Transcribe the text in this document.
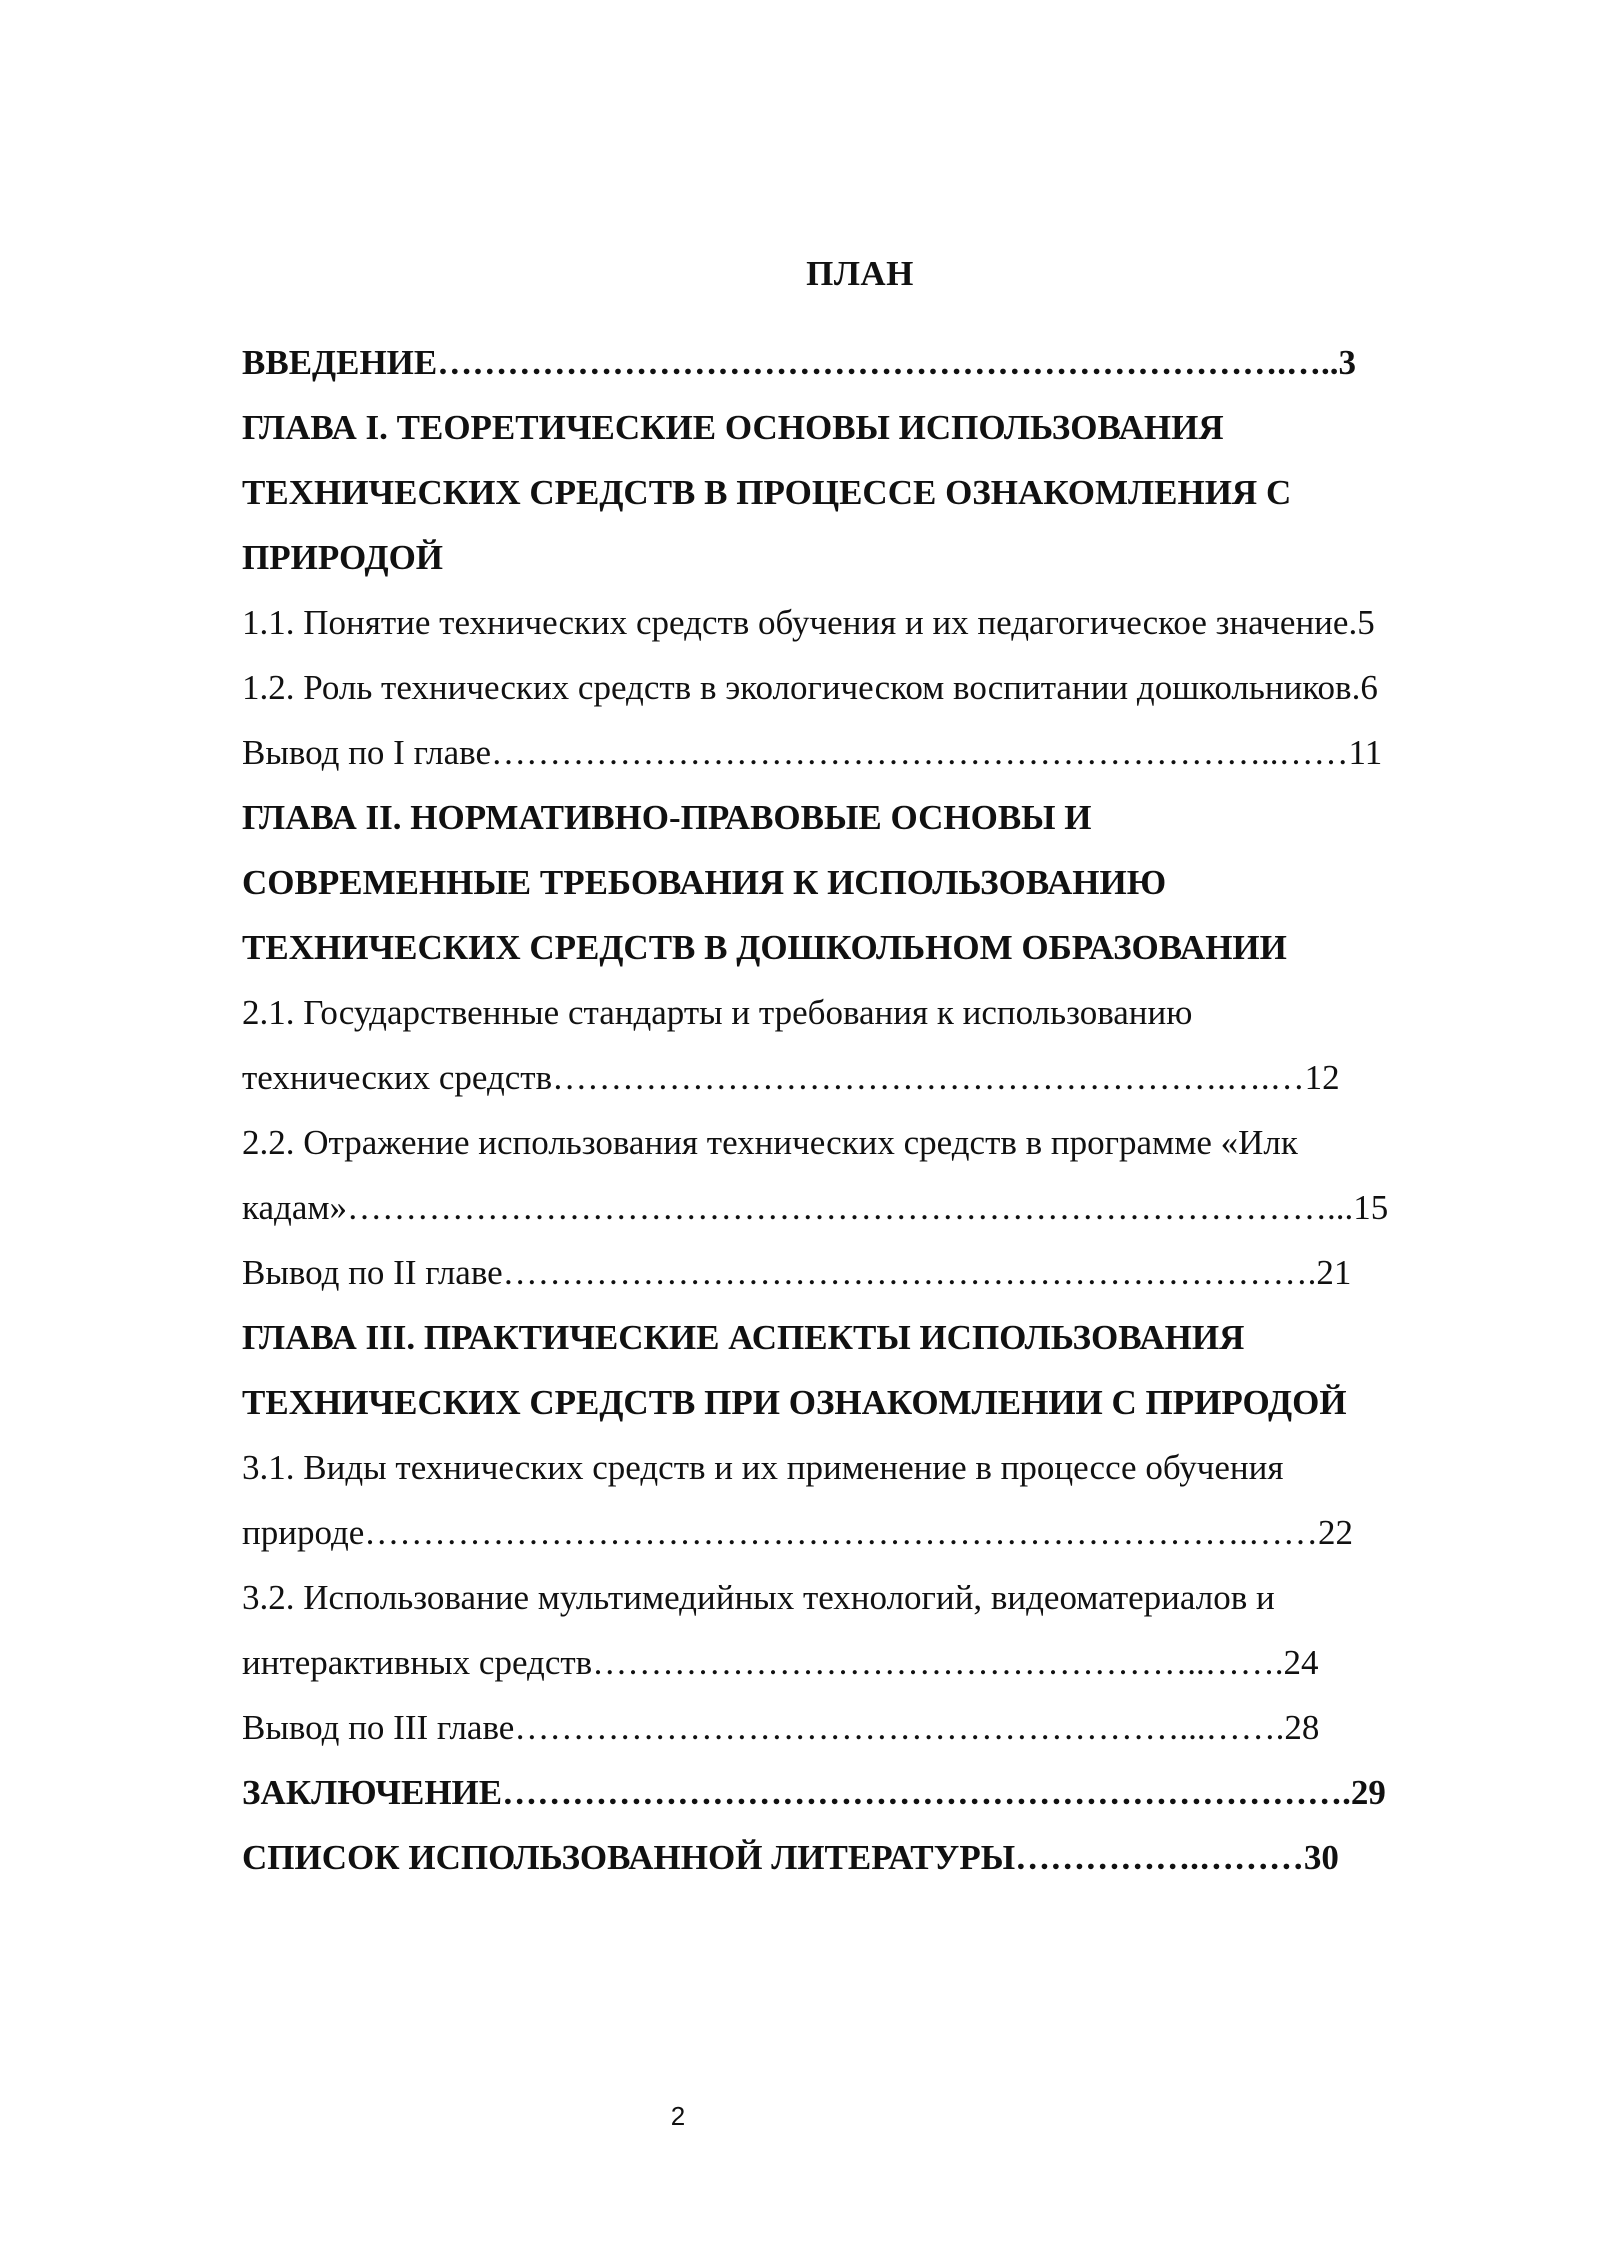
ПЛАН
ВВЕДЕНИЕ……………………………………………………………….…..3
ГЛАВА I. ТЕОРЕТИЧЕСКИЕ ОСНОВЫ ИСПОЛЬЗОВАНИЯ
ТЕХНИЧЕСКИХ СРЕДСТВ В ПРОЦЕССЕ ОЗНАКОМЛЕНИЯ С
ПРИРОДОЙ
1.1. Понятие технических средств обучения и их педагогическое значение.5
1.2. Роль технических средств в экологическом воспитании дошкольников.6
Вывод по I главе…………………………………………………………..……11
ГЛАВА II. НОРМАТИВНО-ПРАВОВЫЕ ОСНОВЫ И
СОВРЕМЕННЫЕ ТРЕБОВАНИЯ К ИСПОЛЬЗОВАНИЮ
ТЕХНИЧЕСКИХ СРЕДСТВ В ДОШКОЛЬНОМ ОБРАЗОВАНИИ
2.1. Государственные стандарты и требования к использованию
технических средств………………………………………………….….…12
2.2. Отражение использования технических средств в программе «Илк
кадам»…………………………………………………………………………...15
Вывод по II главе…………………………………………………………….21
ГЛАВА III. ПРАКТИЧЕСКИЕ АСПЕКТЫ ИСПОЛЬЗОВАНИЯ
ТЕХНИЧЕСКИХ СРЕДСТВ ПРИ ОЗНАКОМЛЕНИИ С ПРИРОДОЙ
3.1. Виды технических средств и их применение в процессе обучения
природе………………………………………………………………….……22
3.2. Использование мультимедийных технологий, видеоматериалов и
интерактивных средств……………………………………………..…….24
Вывод по III главе…………………………………………………...…….28
ЗАКЛЮЧЕНИЕ……………………………………………………………….29
СПИСОК ИСПОЛЬЗОВАННОЙ ЛИТЕРАТУРЫ…………….………30
2
